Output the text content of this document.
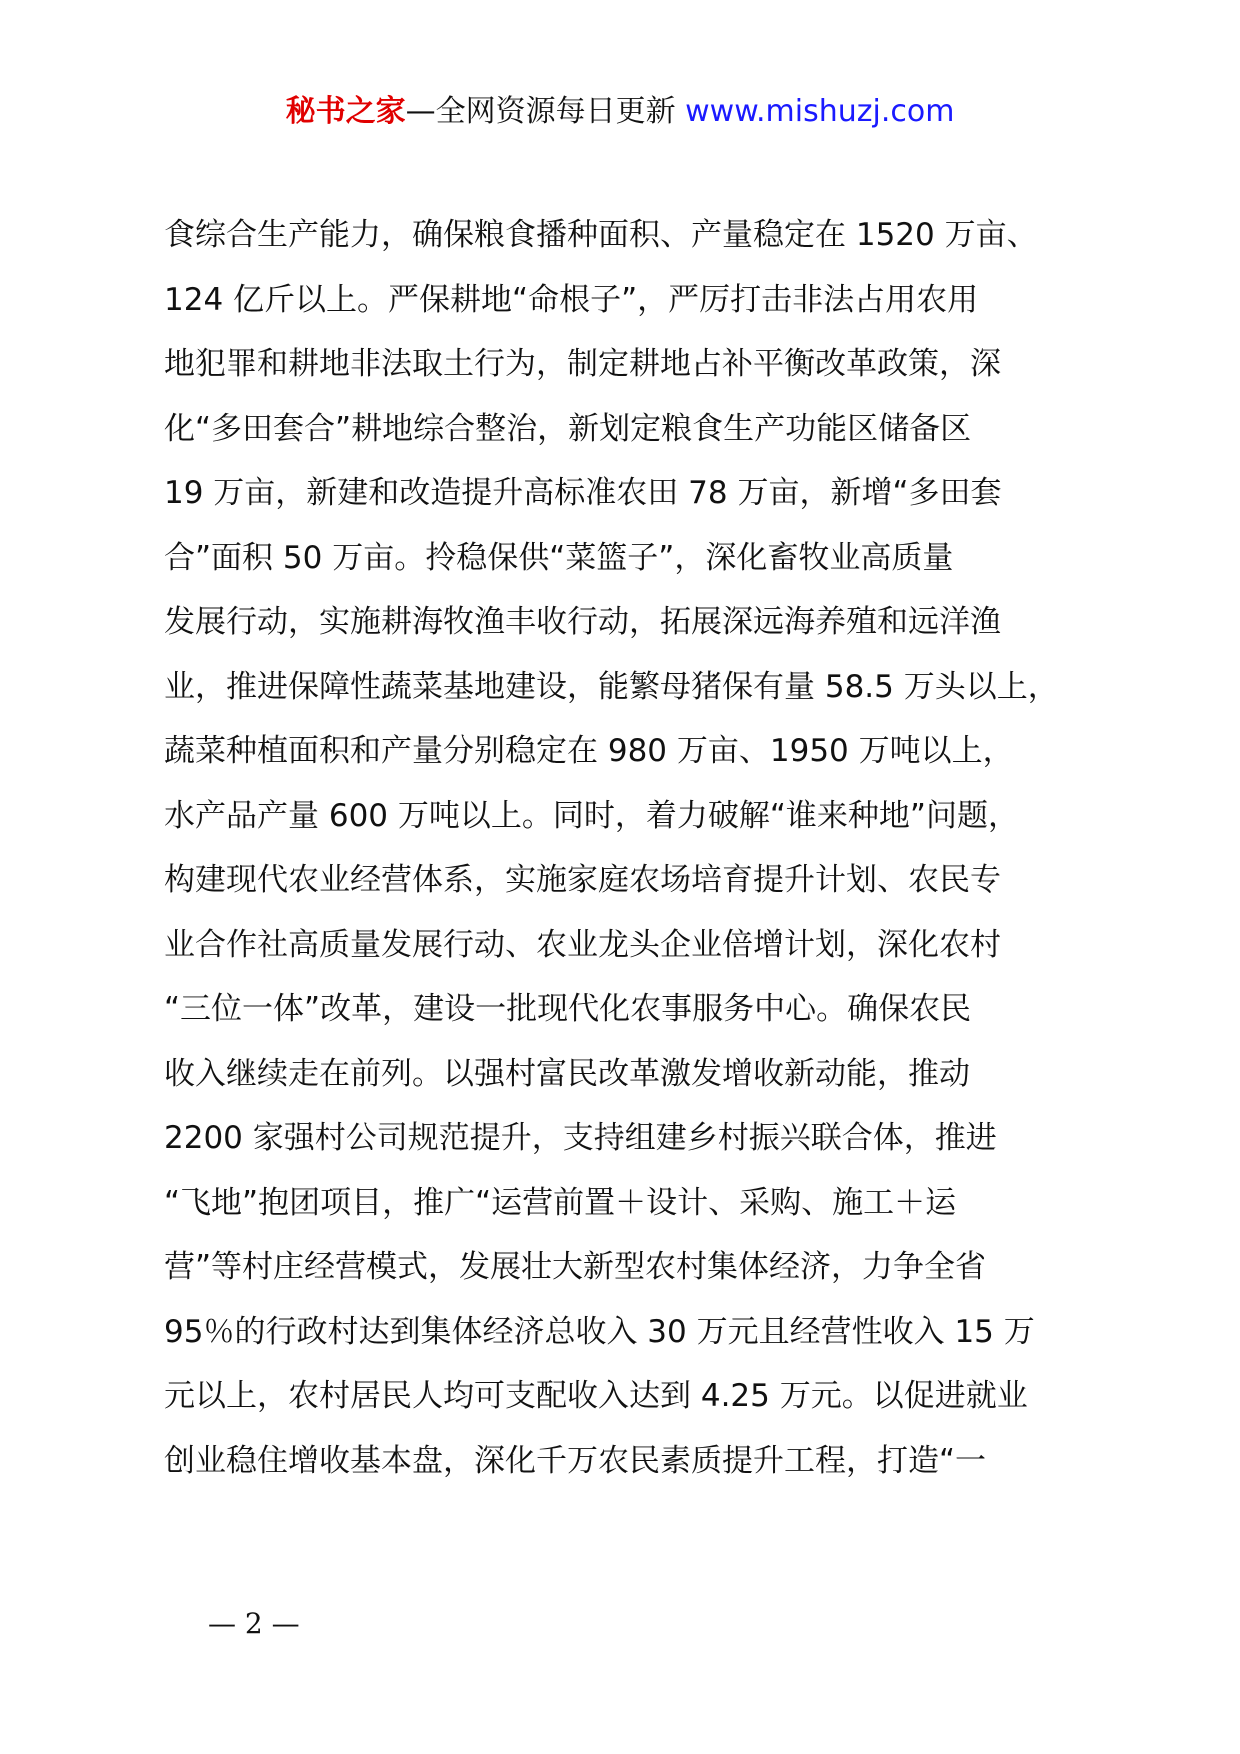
秘书之家—全网资源每日更新 www.mishuzj.com
食综合生产能力，确保粮食播种面积、产量稳定在 1520 万亩、
124 亿斤以上。严保耕地“命根子”，严厉打击非法占用农用
地犯罪和耕地非法取土行为，制定耕地占补平衡改革政策，深
化“多田套合”耕地综合整治，新划定粮食生产功能区储备区
19 万亩，新建和改造提升高标准农田 78 万亩，新增“多田套
合”面积 50 万亩。拎稳保供“菜篮子”，深化畜牧业高质量
发展行动，实施耕海牧渔丰收行动，拓展深远海养殖和远洋渔
业，推进保障性蔬菜基地建设，能繁母猪保有量 58.5 万头以上，
蔬菜种植面积和产量分别稳定在 980 万亩、1950 万吨以上，
水产品产量 600 万吨以上。同时，着力破解“谁来种地”问题，
构建现代农业经营体系，实施家庭农场培育提升计划、农民专
业合作社高质量发展行动、农业龙头企业倍增计划，深化农村
“三位一体”改革，建设一批现代化农事服务中心。确保农民
收入继续走在前列。以强村富民改革激发增收新动能，推动
2200 家强村公司规范提升，支持组建乡村振兴联合体，推进
“飞地”抱团项目，推广“运营前置＋设计、采购、施工＋运
营”等村庄经营模式，发展壮大新型农村集体经济，力争全省
95％的行政村达到集体经济总收入 30 万元且经营性收入 15 万
元以上，农村居民人均可支配收入达到 4.25 万元。以促进就业
创业稳住增收基本盘，深化千万农民素质提升工程，打造“一
— 2 —
